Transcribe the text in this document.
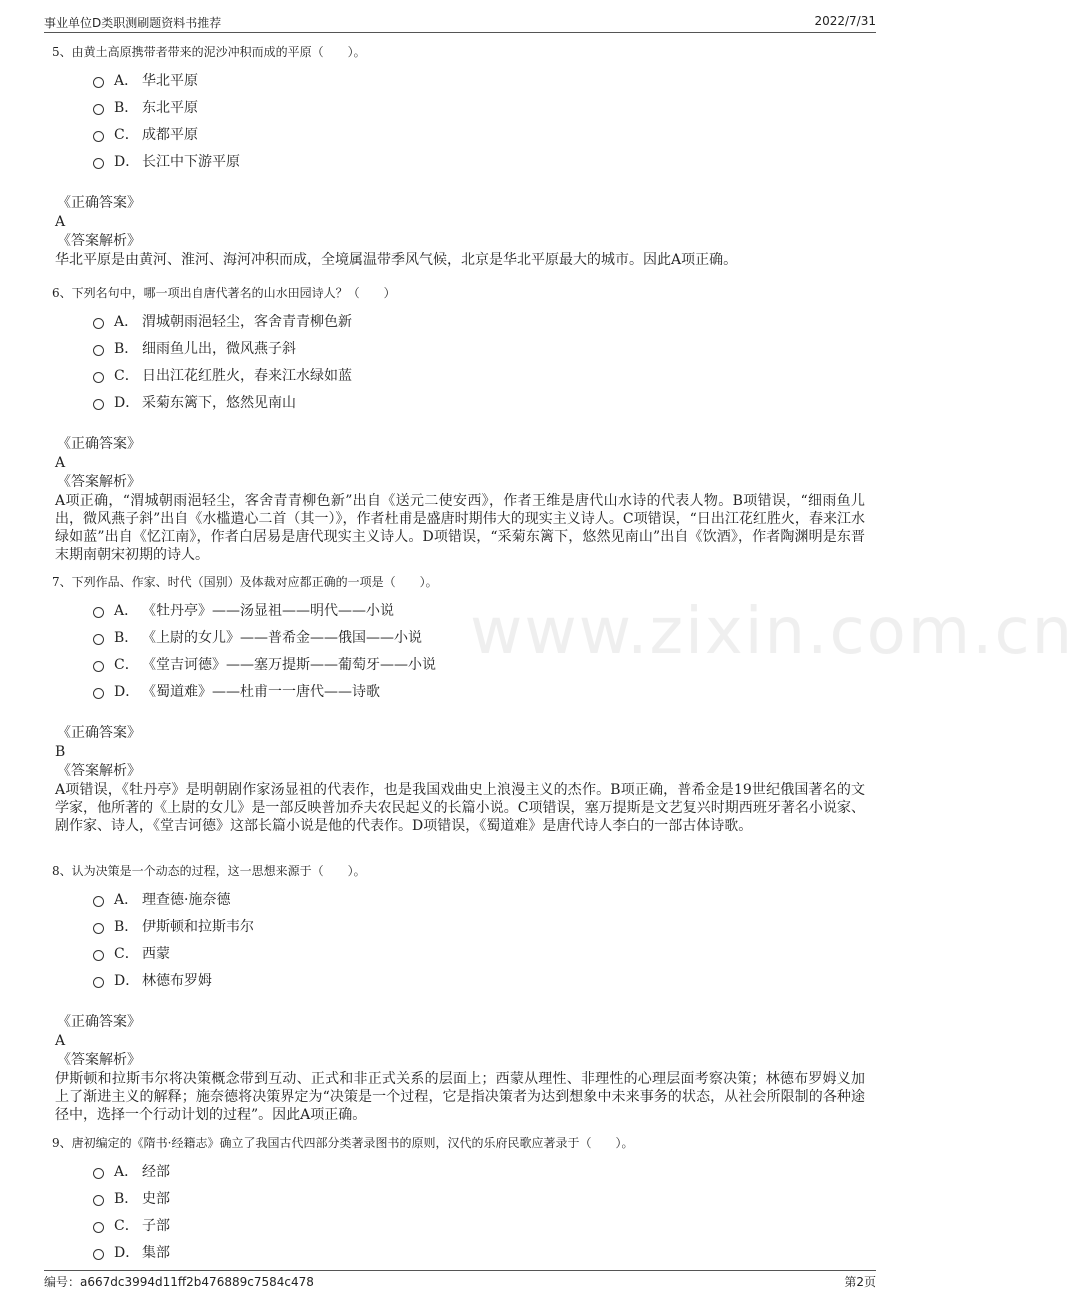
事业单位D类职测刷题资料书推荐	2022/7/31
www.zixin.com.cn
5、由黄土高原携带者带来的泥沙冲积而成的平原（　　）。
A． 华北平原
B． 东北平原
C． 成都平原
D． 长江中下游平原
《正确答案》
A
《答案解析》
华北平原是由黄河、淮河、海河冲积而成，全境属温带季风气候，北京是华北平原最大的城市。因此A项正确。
6、下列名句中，哪一项出自唐代著名的山水田园诗人？（　　）
A． 渭城朝雨浥轻尘，客舍青青柳色新
B． 细雨鱼儿出，微风燕子斜
C． 日出江花红胜火，春来江水绿如蓝
D． 采菊东篱下，悠然见南山
《正确答案》
A
《答案解析》
A项正确，“渭城朝雨浥轻尘，客舍青青柳色新”出自《送元二使安西》，作者王维是唐代山水诗的代表人物。B项错误，“细雨鱼儿出，微风燕子斜”出自《水槛遣心二首（其一）》，作者杜甫是盛唐时期伟大的现实主义诗人。C项错误，“日出江花红胜火，春来江水绿如蓝”出自《忆江南》，作者白居易是唐代现实主义诗人。D项错误，“采菊东篱下，悠然见南山”出自《饮酒》，作者陶渊明是东晋末期南朝宋初期的诗人。
7、下列作品、作家、时代（国别）及体裁对应都正确的一项是（　　）。
A． 《牡丹亭》——汤显祖——明代——小说
B． 《上尉的女儿》——普希金——俄国——小说
C． 《堂吉诃德》——塞万提斯——葡萄牙——小说
D． 《蜀道难》——杜甫一一唐代——诗歌
《正确答案》
B
《答案解析》
A项错误，《牡丹亭》是明朝剧作家汤显祖的代表作，也是我国戏曲史上浪漫主义的杰作。B项正确，普希金是19世纪俄国著名的文学家，他所著的《上尉的女儿》是一部反映普加乔夫农民起义的长篇小说。C项错误，塞万提斯是文艺复兴时期西班牙著名小说家、剧作家、诗人，《堂吉诃德》这部长篇小说是他的代表作。D项错误，《蜀道难》是唐代诗人李白的一部古体诗歌。
8、认为决策是一个动态的过程，这一思想来源于（　　）。
A． 理查德·施奈德
B． 伊斯顿和拉斯韦尔
C． 西蒙
D． 林德布罗姆
《正确答案》
A
《答案解析》
伊斯顿和拉斯韦尔将决策概念带到互动、正式和非正式关系的层面上；西蒙从理性、非理性的心理层面考察决策；林德布罗姆义加上了渐进主义的解释；施奈德将决策界定为“决策是一个过程，它是指决策者为达到想象中未来事务的状态，从社会所限制的各种途径中，选择一个行动计划的过程”。因此A项正确。
9、唐初编定的《隋书·经籍志》确立了我国古代四部分类著录图书的原则，汉代的乐府民歌应著录于（　　）。
A． 经部
B． 史部
C． 子部
D． 集部
编号：a667dc3994d11ff2b476889c7584c478	第2页
